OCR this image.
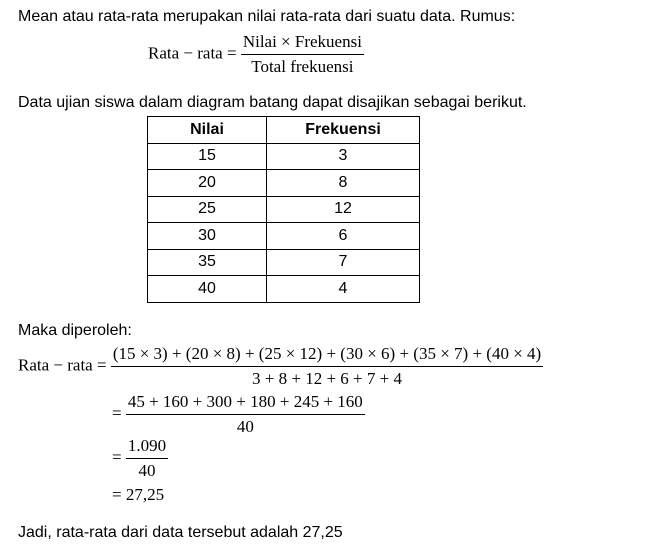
Mean atau rata-rata merupakan nilai rata-rata dari suatu data. Rumus:
Rata − rata = $\frac{\text{Nilai × Frekuensi}}{\text{Total frekuensi}}$
Data ujian siswa dalam diagram batang dapat disajikan sebagai berikut.
Nilai	Frekuensi
15	3
20	8
25	12
30	6
35	7
40	4
Maka diperoleh:
Rata − rata =
(15 × 3) + (20 × 8) + (25 × 12) + (30 × 6) + (35 × 7) + (40 × 4)
3 + 8 + 12 + 6 + 7 + 4
= $\frac{45 + 160 + 300 + 180 + 245 + 160}{40}$
= $\frac{1.090}{40}$
= 27,25
Jadi, rata-rata dari data tersebut adalah 27,25
